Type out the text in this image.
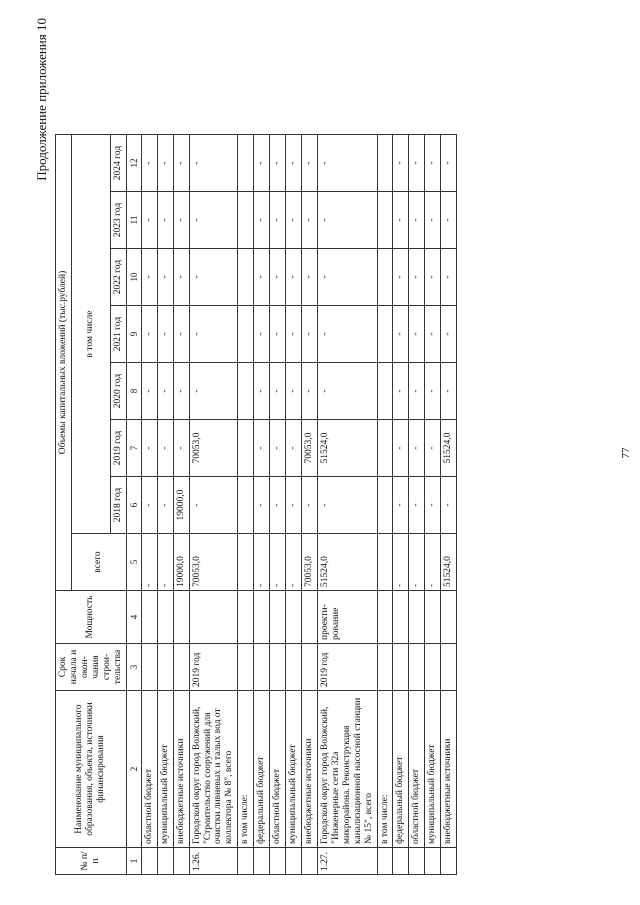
77
Продолжение приложения 10
№ п/п	Наименование муниципального образования, объекта, источники финансирования	Срок начала и окон- чания строи- тельства	Мощность	Объемы капитальных вложений (тыс.рублей)							
				всего	в том числе						
					2018 год	2019 год	2020 год	2021 год	2022 год	2023 год	2024 год
1	2	3	4	5	6	7	8	9	10	11	12
	областной бюджет			-	-	-	-	-	-	-	-
	муниципальный бюджет			-	-	-	-	-	-	-	-
	внебюджетные источники			19000,0	19000,0	-	-	-	-	-	-
1.26.	Городской округ город Волжский, "Строительство сооружений для очистки ливневых и талых вод от коллектора № 8", всего	2019 год		70053,0	-	70053,0	-	-	-	-	-
	в том числе:										
	федеральный бюджет			-	-	-	-	-	-	-	-
	областной бюджет			-	-	-	-	-	-	-	-
	муниципальный бюджет			-	-	-	-	-	-	-	-
	внебюджетные источники			70053,0	-	70053,0	-	-	-	-	-
1.27.	Городской округ город Волжский, "Инженерные сети 32а микрорайона. Реконструкция канализационной насосной станции № 15", всего	2019 год	проекти- рование	51524,0	-	51524,0	-	-	-	-	-
	в том числе:										
	федеральный бюджет			-	-	-	-	-	-	-	-
	областной бюджет			-	-	-	-	-	-	-	-
	муниципальный бюджет			-	-	-	-	-	-	-	-
	внебюджетные источники			51524,0	-	51524,0	-	-	-	-	-
